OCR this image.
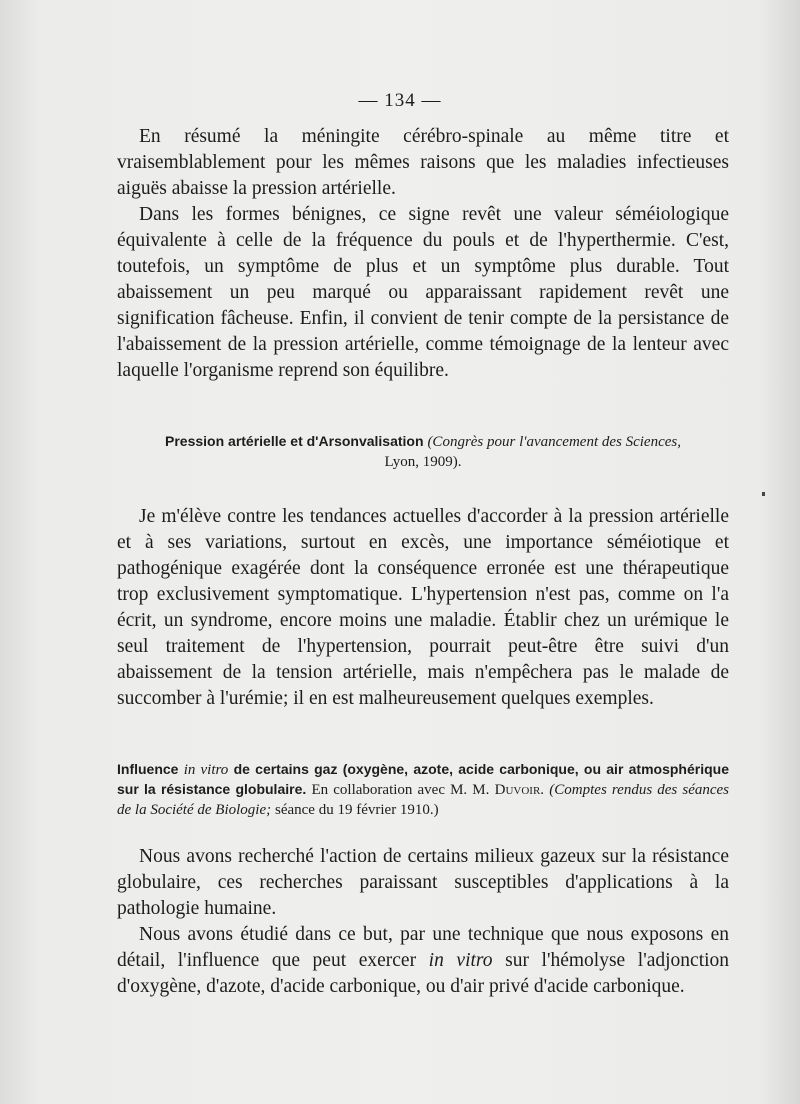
— 134 —

En résumé la méningite cérébro-spinale au même titre et vraisemblablement pour les mêmes raisons que les maladies infectieuses aiguës abaisse la pression artérielle.

Dans les formes bénignes, ce signe revêt une valeur séméiologique équivalente à celle de la fréquence du pouls et de l'hyperthermie. C'est, toutefois, un symptôme de plus et un symptôme plus durable. Tout abaissement un peu marqué ou apparaissant rapidement revêt une signification fâcheuse. Enfin, il convient de tenir compte de la persistance de l'abaissement de la pression artérielle, comme témoignage de la lenteur avec laquelle l'organisme reprend son équilibre.

Pression artérielle et d'Arsonvalisation (Congrès pour l'avancement des Sciences,
Lyon, 1909).

Je m'élève contre les tendances actuelles d'accorder à la pression artérielle et à ses variations, surtout en excès, une importance séméiotique et pathogénique exagérée dont la conséquence erronée est une thérapeutique trop exclusivement symptomatique. L'hypertension n'est pas, comme on l'a écrit, un syndrome, encore moins une maladie. Établir chez un urémique le seul traitement de l'hypertension, pourrait peut-être être suivi d'un abaissement de la tension artérielle, mais n'empêchera pas le malade de succomber à l'urémie; il en est malheureusement quelques exemples.

Influence in vitro de certains gaz (oxygène, azote, acide carbonique, ou air atmosphérique sur la résistance globulaire. En collaboration avec M. M. Duvoir. (Comptes rendus des séances de la Société de Biologie; séance du 19 février 1910.)

Nous avons recherché l'action de certains milieux gazeux sur la résistance globulaire, ces recherches paraissant susceptibles d'applications à la pathologie humaine.

Nous avons étudié dans ce but, par une technique que nous exposons en détail, l'influence que peut exercer in vitro sur l'hémolyse l'adjonction d'oxygène, d'azote, d'acide carbonique, ou d'air privé d'acide carbonique.
